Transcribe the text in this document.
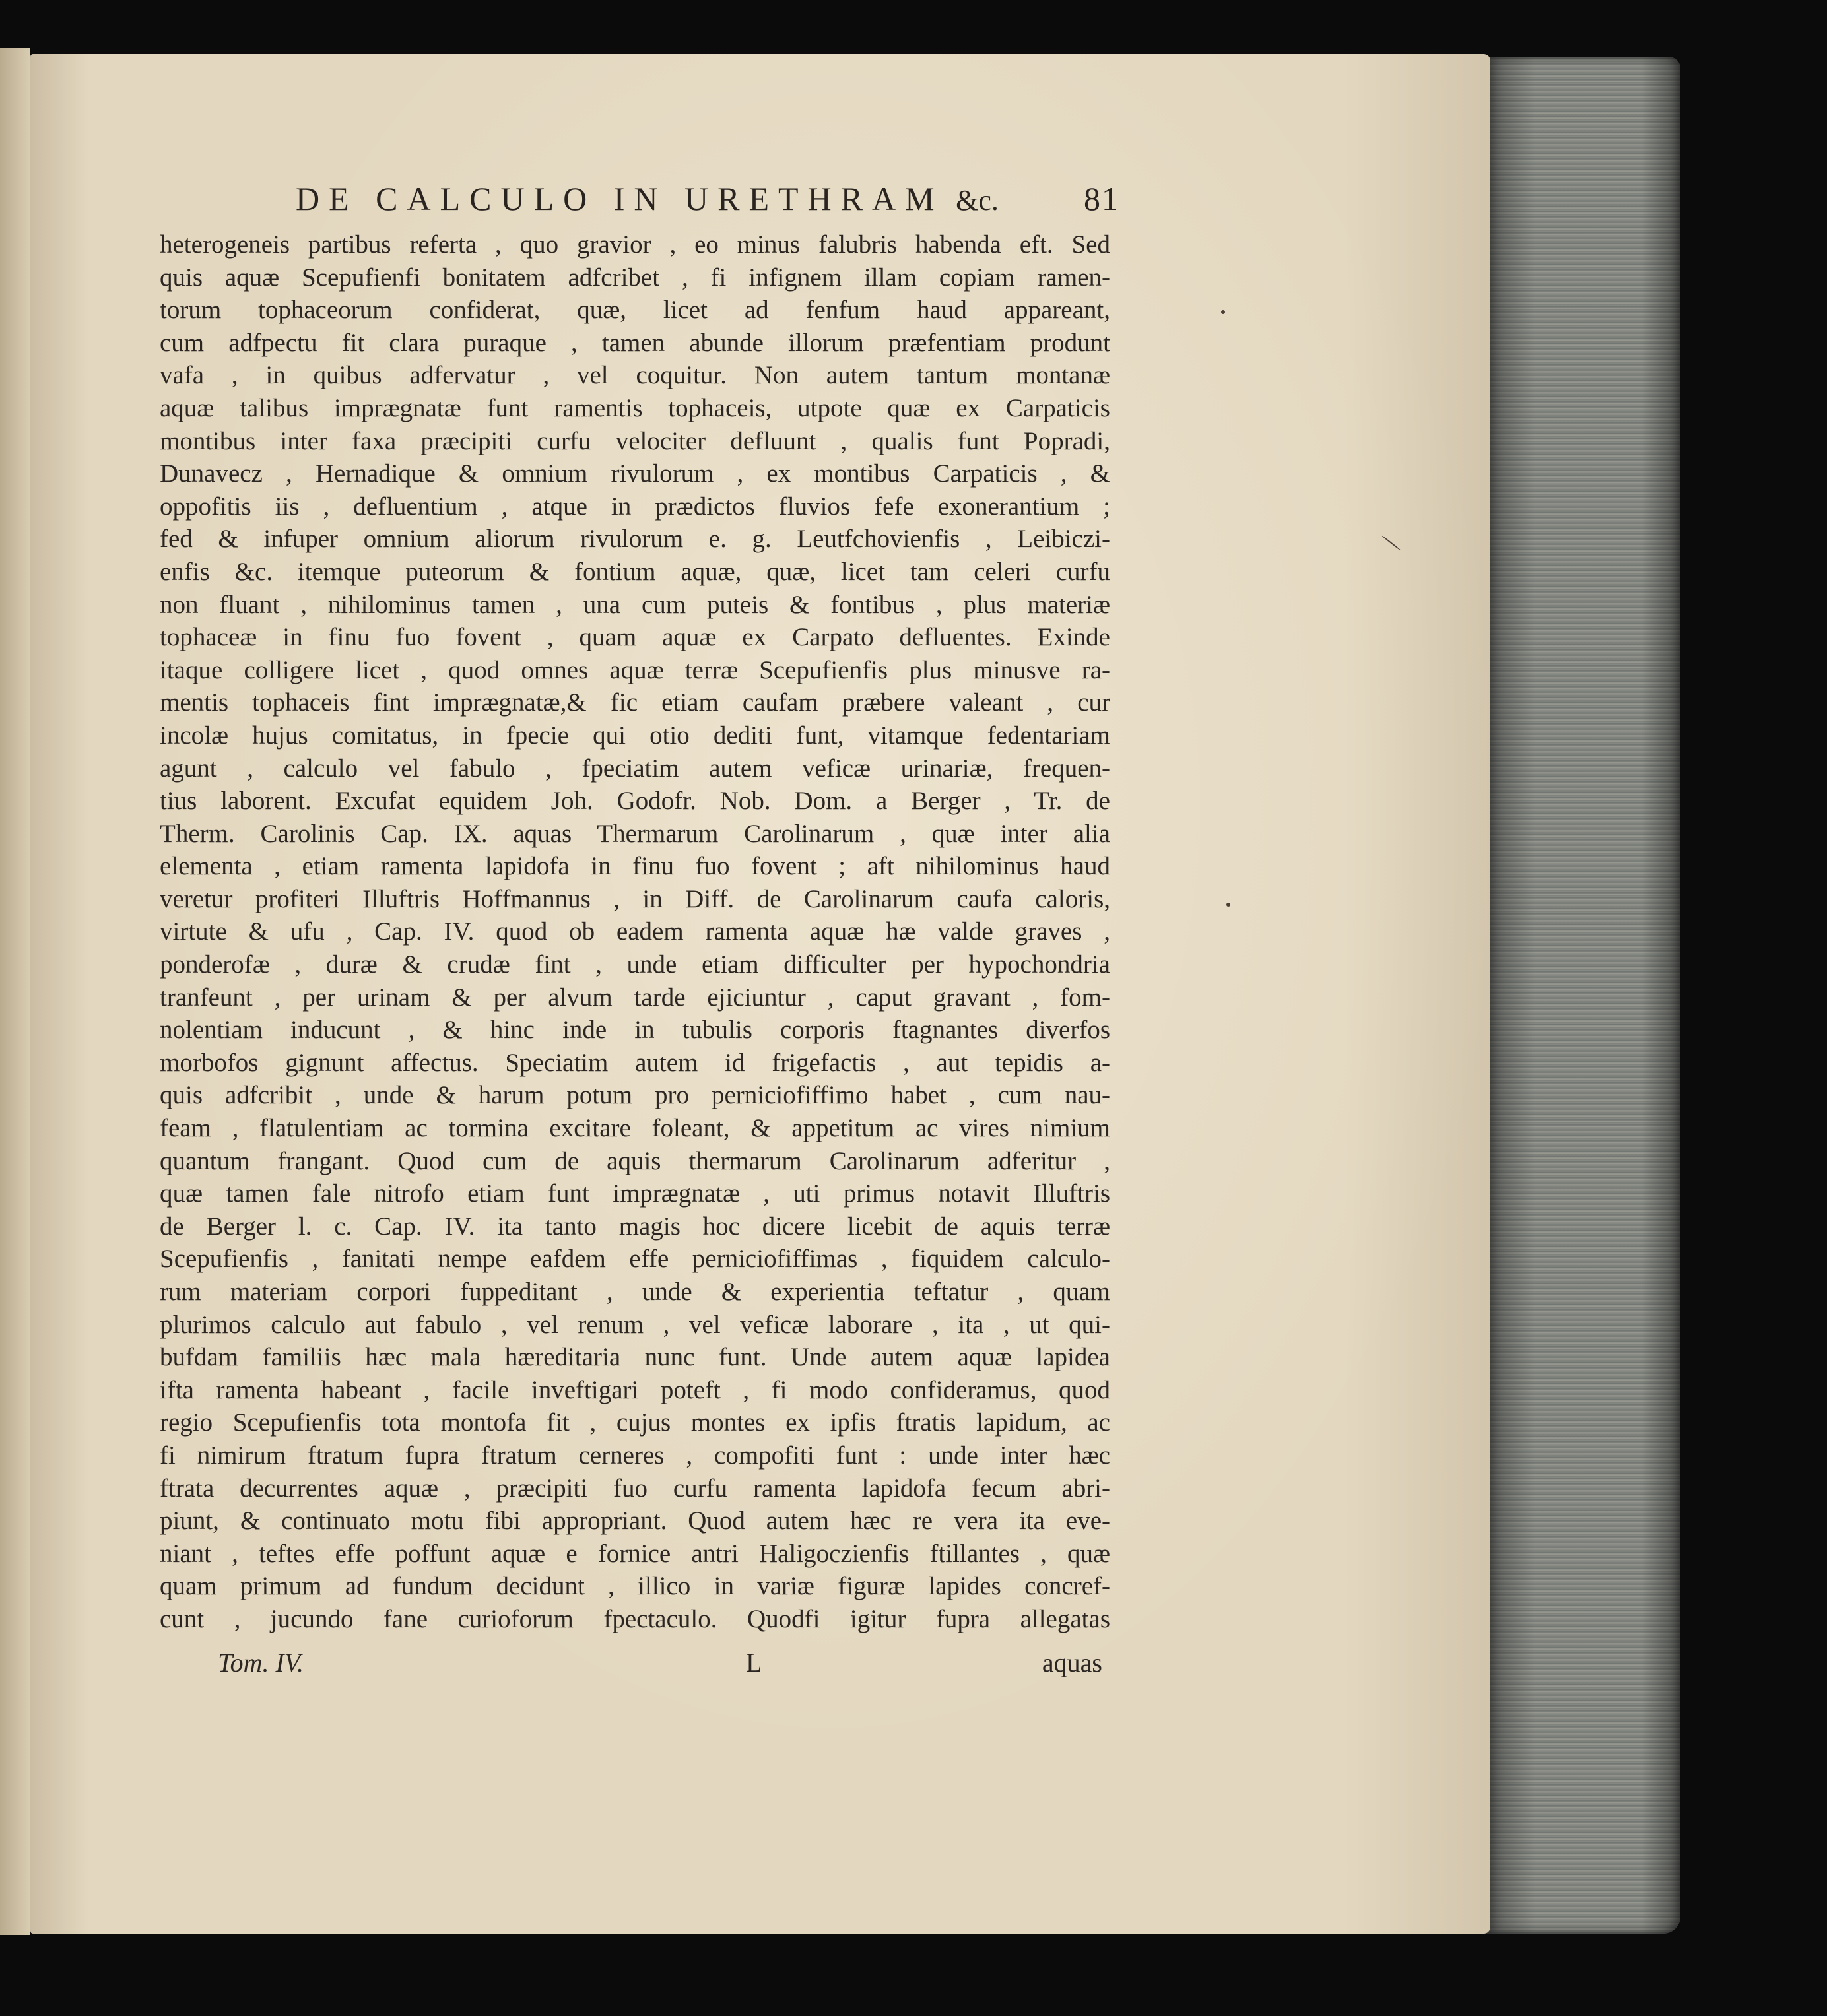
DE CALCULO IN URETHRAM &c.	81
heterogeneis partibus referta , quo gravior , eo minus falubris habenda eft. Sed
quis aquæ Scepufienfi bonitatem adfcribet , fi infignem illam copiam ramen-
torum tophaceorum confiderat, quæ, licet ad fenfum haud appareant,
cum adfpectu fit clara puraque , tamen abunde illorum præfentiam produnt
vafa , in quibus adfervatur , vel coquitur. Non autem tantum montanæ
aquæ talibus imprægnatæ funt ramentis tophaceis, utpote quæ ex Carpaticis
montibus inter faxa præcipiti curfu velociter defluunt , qualis funt Popradi,
Dunavecz , Hernadique & omnium rivulorum , ex montibus Carpaticis , &
oppofitis iis , defluentium , atque in prædictos fluvios fefe exonerantium ;
fed & infuper omnium aliorum rivulorum e. g. Leutfchovienfis , Leibiczi-
enfis &c. itemque puteorum & fontium aquæ, quæ, licet tam celeri curfu
non fluant , nihilominus tamen , una cum puteis & fontibus , plus materiæ
tophaceæ in finu fuo fovent , quam aquæ ex Carpato defluentes. Exinde
itaque colligere licet , quod omnes aquæ terræ Scepufienfis plus minusve ra-
mentis tophaceis fint imprægnatæ,& fic etiam caufam præbere valeant , cur
incolæ hujus comitatus, in fpecie qui otio dediti funt, vitamque fedentariam
agunt , calculo vel fabulo , fpeciatim autem veficæ urinariæ, frequen-
tius laborent. Excufat equidem Joh. Godofr. Nob. Dom. a Berger , Tr. de
Therm. Carolinis Cap. IX. aquas Thermarum Carolinarum , quæ inter alia
elementa , etiam ramenta lapidofa in finu fuo fovent ; aft nihilominus haud
veretur profiteri Illuftris Hoffmannus , in Diff. de Carolinarum caufa caloris,
virtute & ufu , Cap. IV. quod ob eadem ramenta aquæ hæ valde graves ,
ponderofæ , duræ & crudæ fint , unde etiam difficulter per hypochondria
tranfeunt , per urinam & per alvum tarde ejiciuntur , caput gravant , fom-
nolentiam inducunt , & hinc inde in tubulis corporis ftagnantes diverfos
morbofos gignunt affectus. Speciatim autem id frigefactis , aut tepidis a-
quis adfcribit , unde & harum potum pro perniciofiffimo habet , cum nau-
feam , flatulentiam ac tormina excitare foleant, & appetitum ac vires nimium
quantum frangant. Quod cum de aquis thermarum Carolinarum adferitur ,
quæ tamen fale nitrofo etiam funt imprægnatæ , uti primus notavit Illuftris
de Berger l. c. Cap. IV. ita tanto magis hoc dicere licebit de aquis terræ
Scepufienfis , fanitati nempe eafdem effe perniciofiffimas , fiquidem calculo-
rum materiam corpori fuppeditant , unde & experientia teftatur , quam
plurimos calculo aut fabulo , vel renum , vel veficæ laborare , ita , ut qui-
bufdam familiis hæc mala hæreditaria nunc funt. Unde autem aquæ lapidea
ifta ramenta habeant , facile inveftigari poteft , fi modo confideramus, quod
regio Scepufienfis tota montofa fit , cujus montes ex ipfis ftratis lapidum, ac
fi nimirum ftratum fupra ftratum cerneres , compofiti funt : unde inter hæc
ftrata decurrentes aquæ , præcipiti fuo curfu ramenta lapidofa fecum abri-
piunt, & continuato motu fibi appropriant. Quod autem hæc re vera ita eve-
niant , teftes effe poffunt aquæ e fornice antri Haligoczienfis ftillantes , quæ
quam primum ad fundum decidunt , illico in variæ figuræ lapides concref-
cunt , jucundo fane curioforum fpectaculo. Quodfi igitur fupra allegatas
Tom. IV.	L	aquas
